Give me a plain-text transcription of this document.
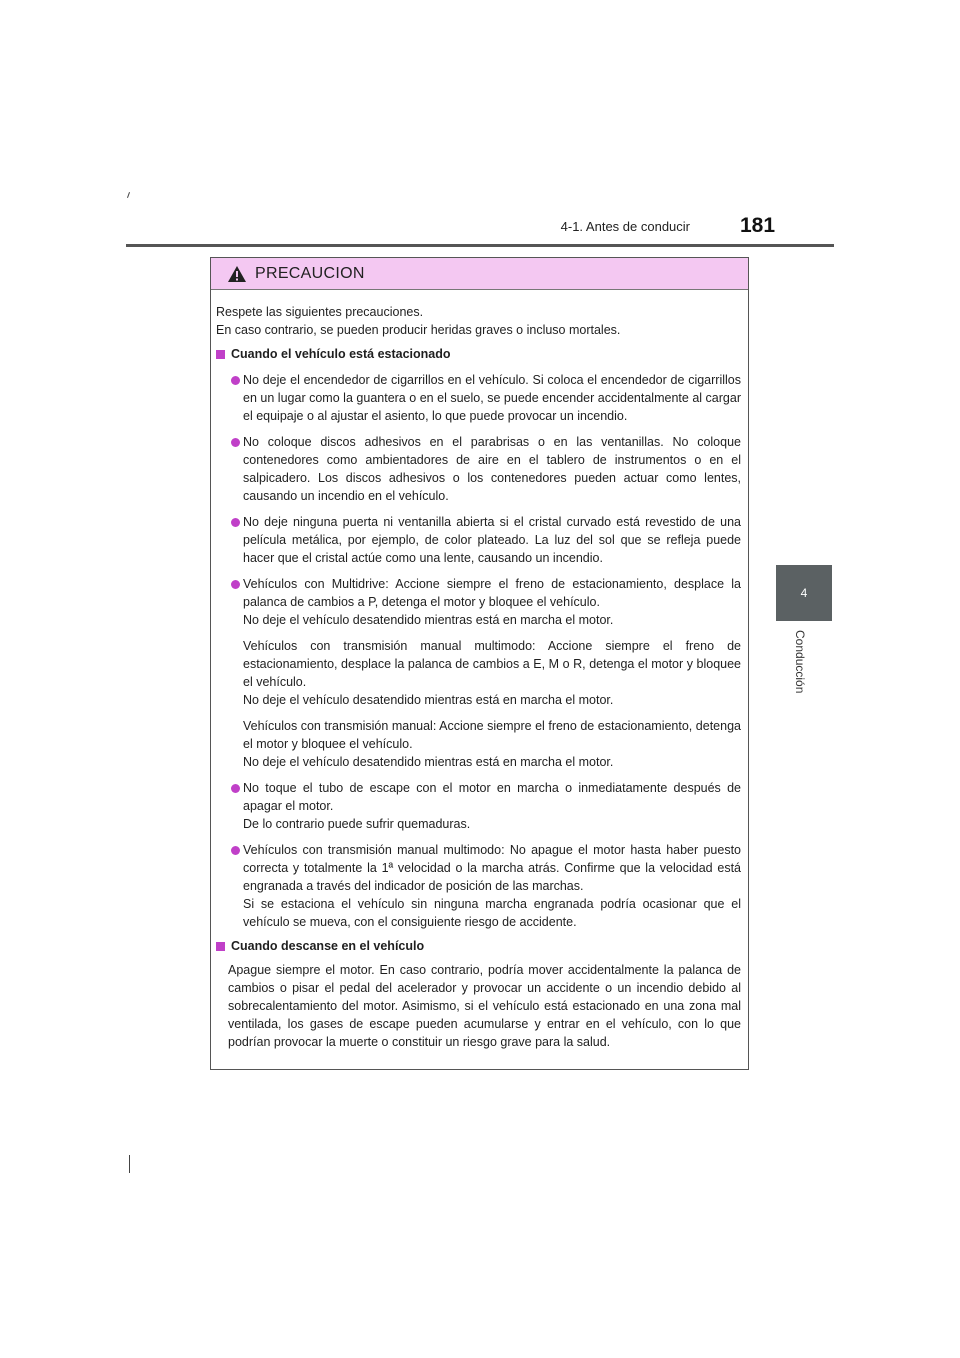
4-1. Antes de conducir 181
4
Conducción
PRECAUCION

Respete las siguientes precauciones.

En caso contrario, se pueden producir heridas graves o incluso mortales.

Cuando el vehículo está estacionado

No deje el encendedor de cigarrillos en el vehículo. Si coloca el encendedor de cigarrillos en un lugar como la guantera o en el suelo, se puede encender accidentalmente al cargar el equipaje o al ajustar el asiento, lo que puede provocar un incendio.

No coloque discos adhesivos en el parabrisas o en las ventanillas. No coloque contenedores como ambientadores de aire en el tablero de instrumentos o en el salpicadero. Los discos adhesivos o los contenedores pueden actuar como lentes, causando un incendio en el vehículo.

No deje ninguna puerta ni ventanilla abierta si el cristal curvado está revestido de una película metálica, por ejemplo, de color plateado. La luz del sol que se refleja puede hacer que el cristal actúe como una lente, causando un incendio.

Vehículos con Multidrive: Accione siempre el freno de estacionamiento, desplace la palanca de cambios a P, detenga el motor y bloquee el vehículo.

No deje el vehículo desatendido mientras está en marcha el motor.

Vehículos con transmisión manual multimodo: Accione siempre el freno de estacionamiento, desplace la palanca de cambios a E, M o R, detenga el motor y bloquee el vehículo.

No deje el vehículo desatendido mientras está en marcha el motor.

Vehículos con transmisión manual: Accione siempre el freno de estacionamiento, detenga el motor y bloquee el vehículo.

No deje el vehículo desatendido mientras está en marcha el motor.

No toque el tubo de escape con el motor en marcha o inmediatamente después de apagar el motor.

De lo contrario puede sufrir quemaduras.

Vehículos con transmisión manual multimodo: No apague el motor hasta haber puesto correcta y totalmente la 1ª velocidad o la marcha atrás. Confirme que la velocidad está engranada a través del indicador de posición de las marchas.

Si se estaciona el vehículo sin ninguna marcha engranada podría ocasionar que el vehículo se mueva, con el consiguiente riesgo de accidente.

Cuando descanse en el vehículo

Apague siempre el motor. En caso contrario, podría mover accidentalmente la palanca de cambios o pisar el pedal del acelerador y provocar un accidente o un incendio debido al sobrecalentamiento del motor. Asimismo, si el vehículo está estacionado en una zona mal ventilada, los gases de escape pueden acumularse y entrar en el vehículo, con lo que podrían provocar la muerte o constituir un riesgo grave para la salud.
